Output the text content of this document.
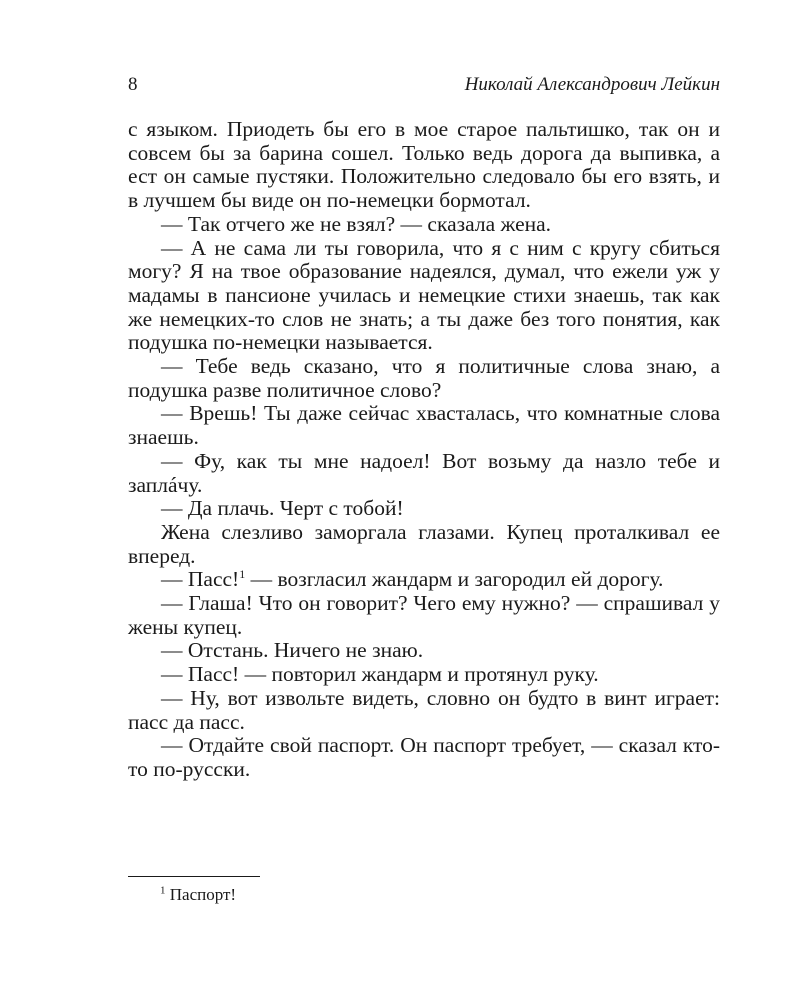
8	Николай Александрович Лейкин

с языком. Приодеть бы его в мое старое пальтишко, так он и совсем бы за барина сошел. Только ведь дорога да выпивка, а ест он самые пустяки. Положительно следовало бы его взять, и в лучшем бы виде он по-немецки бормотал.

— Так отчего же не взял? — сказала жена.

— А не сама ли ты говорила, что я с ним с кругу сбиться могу? Я на твое образование надеялся, думал, что ежели уж у мадамы в пансионе училась и немецкие стихи знаешь, так как же немецких-то слов не знать; а ты даже без того понятия, как подушка по-немецки называется.

— Тебе ведь сказано, что я политичные слова знаю, а подушка разве политичное слово?

— Врешь! Ты даже сейчас хвасталась, что комнатные слова знаешь.

— Фу, как ты мне надоел! Вот возьму да назло тебе и заплáчу.

— Да плачь. Черт с тобой!

Жена слезливо заморгала глазами. Купец проталкивал ее вперед.

— Пасс!$^1$ — возгласил жандарм и загородил ей дорогу.

— Глаша! Что он говорит? Чего ему нужно? — спрашивал у жены купец.

— Отстань. Ничего не знаю.

— Пасс! — повторил жандарм и протянул руку.

— Ну, вот извольте видеть, словно он будто в винт играет: пасс да пасс.

— Отдайте свой паспорт. Он паспорт требует, — сказал кто-то по-русски.

$^1$ Паспорт!
